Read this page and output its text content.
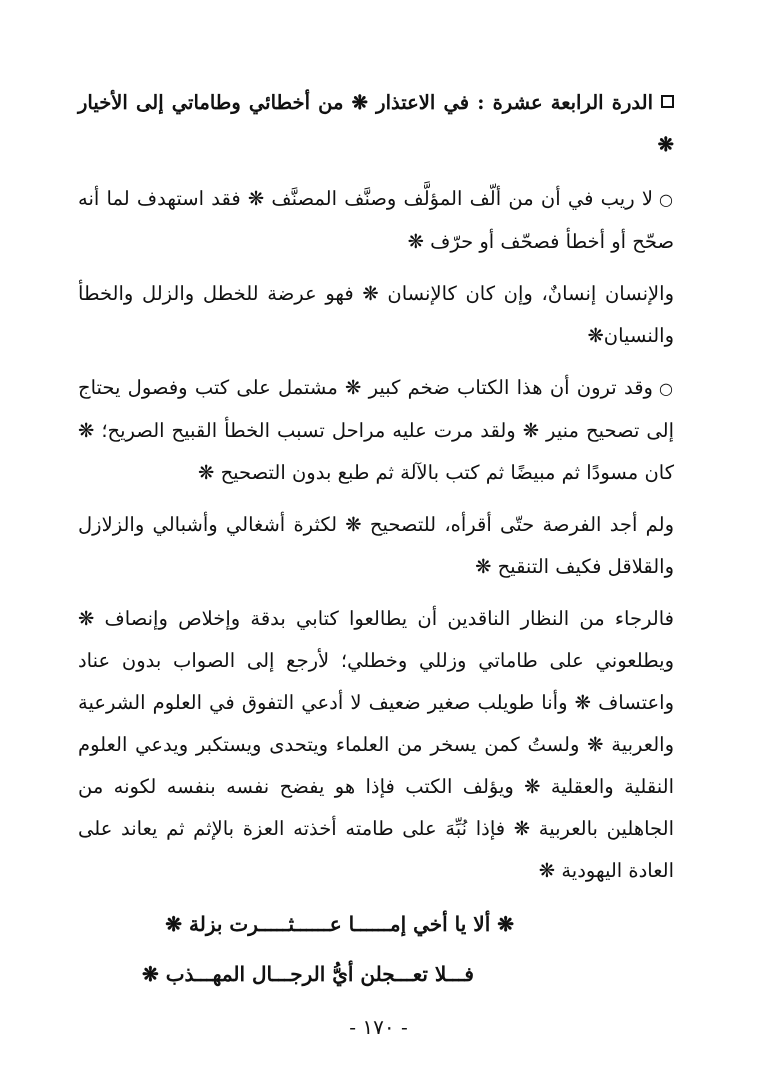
الدرة الرابعة عشرة : في الاعتذار ❋ من أخطائي وطاماتي إلى الأخيار ❋

○لا ريب في أن من ألّف المؤلَّف وصنَّف المصنَّف ❋ فقد استهدف لما أنه صحّح أو أخطأ فصحّف أو حرّف ❋

والإنسان إنسانٌ، وإن كان كالإنسان ❋ فهو عرضة للخطل والزلل والخطأ والنسيان❋

○وقد ترون أن هذا الكتاب ضخم كبير ❋ مشتمل على كتب وفصول يحتاج إلى تصحيح منير ❋ ولقد مرت عليه مراحل تسبب الخطأ القبيح الصريح؛ ❋ كان مسودًا ثم مبيضًا ثم كتب بالآلة ثم طبع بدون التصحيح ❋

ولم أجد الفرصة حتّى أقرأه، للتصحيح ❋ لكثرة أشغالي وأشبالي والزلازل والقلاقل فكيف التنقيح ❋

فالرجاء من النظار الناقدين أن يطالعوا كتابي بدقة وإخلاص وإنصاف ❋ ويطلعوني على طاماتي وزللي وخطلي؛ لأرجع إلى الصواب بدون عناد واعتساف ❋ وأنا طويلب صغير ضعيف لا أدعي التفوق في العلوم الشرعية والعربية ❋ ولستُ كمن يسخر من العلماء ويتحدى ويستكبر ويدعي العلوم النقلية والعقلية ❋ ويؤلف الكتب فإذا هو يفضح نفسه بنفسه لكونه من الجاهلين بالعربية ❋ فإذا نُبِّهَ على طامته أخذته العزة بالإثم ثم يعاند على العادة اليهودية ❋

❋ ألا يا أخي إمــــــا عــــــثـــــرت بزلة ❋

فـــلا تعـــجلن أيُّ الرجـــال المهـــذب ❋

- ١٧٠ -
